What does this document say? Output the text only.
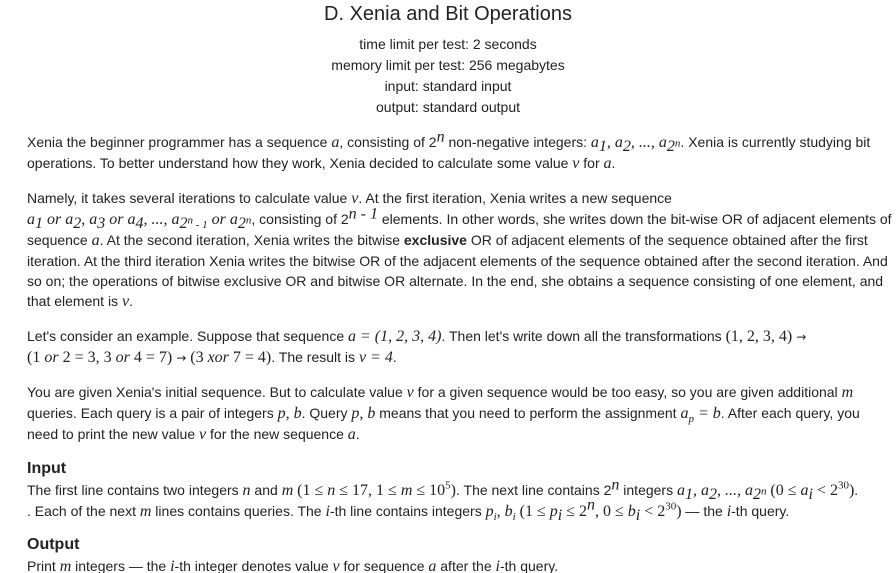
D. Xenia and Bit Operations
time limit per test: 2 seconds
memory limit per test: 256 megabytes
input: standard input
output: standard output

Xenia the beginner programmer has a sequence a, consisting of 2$^n$ non-negative integers: $a_1$, $a_2$, ..., $a_{2^n}$. Xenia is currently studying bit operations. To better understand how they work, Xenia decided to calculate some value v for a.

Namely, it takes several iterations to calculate value v. At the first iteration, Xenia writes a new sequence
$a_1$ or $a_2$, $a_3$ or $a_4$, ..., $a_{2^n - 1}$ or $a_{2^n}$, consisting of 2$^{n - 1}$ elements. In other words, she writes down the bit-wise OR of adjacent elements of sequence a. At the second iteration, Xenia writes the bitwise exclusive OR of adjacent elements of the sequence obtained after the first iteration. At the third iteration Xenia writes the bitwise OR of the adjacent elements of the sequence obtained after the second iteration. And so on; the operations of bitwise exclusive OR and bitwise OR alternate. In the end, she obtains a sequence consisting of one element, and that element is v.

Let's consider an example. Suppose that sequence a = (1, 2, 3, 4). Then let's write down all the transformations (1, 2, 3, 4) →
(1 or 2 = 3, 3 or 4 = 7) → (3 xor 7 = 4). The result is v = 4.

You are given Xenia's initial sequence. But to calculate value v for a given sequence would be too easy, so you are given additional m queries. Each query is a pair of integers p, b. Query p, b means that you need to perform the assignment $a_p = b$. After each query, you need to print the new value v for the new sequence a.

Input
The first line contains two integers n and m (1 ≤ n ≤ 17, $1 \le m \le 10^5$). The next line contains 2$^n$ integers $a_1$, $a_2$, ..., $a_{2^n}$ $(0 \le a_i < 2^{30})$.
. Each of the next m lines contains queries. The i-th line contains integers $p_i$, $b_i$ ($1 \le p_i \le 2^n$, $0 \le b_i < 2^{30}$) — the i-th query.
Output
Print m integers — the i-th integer denotes value v for sequence a after the i-th query.
